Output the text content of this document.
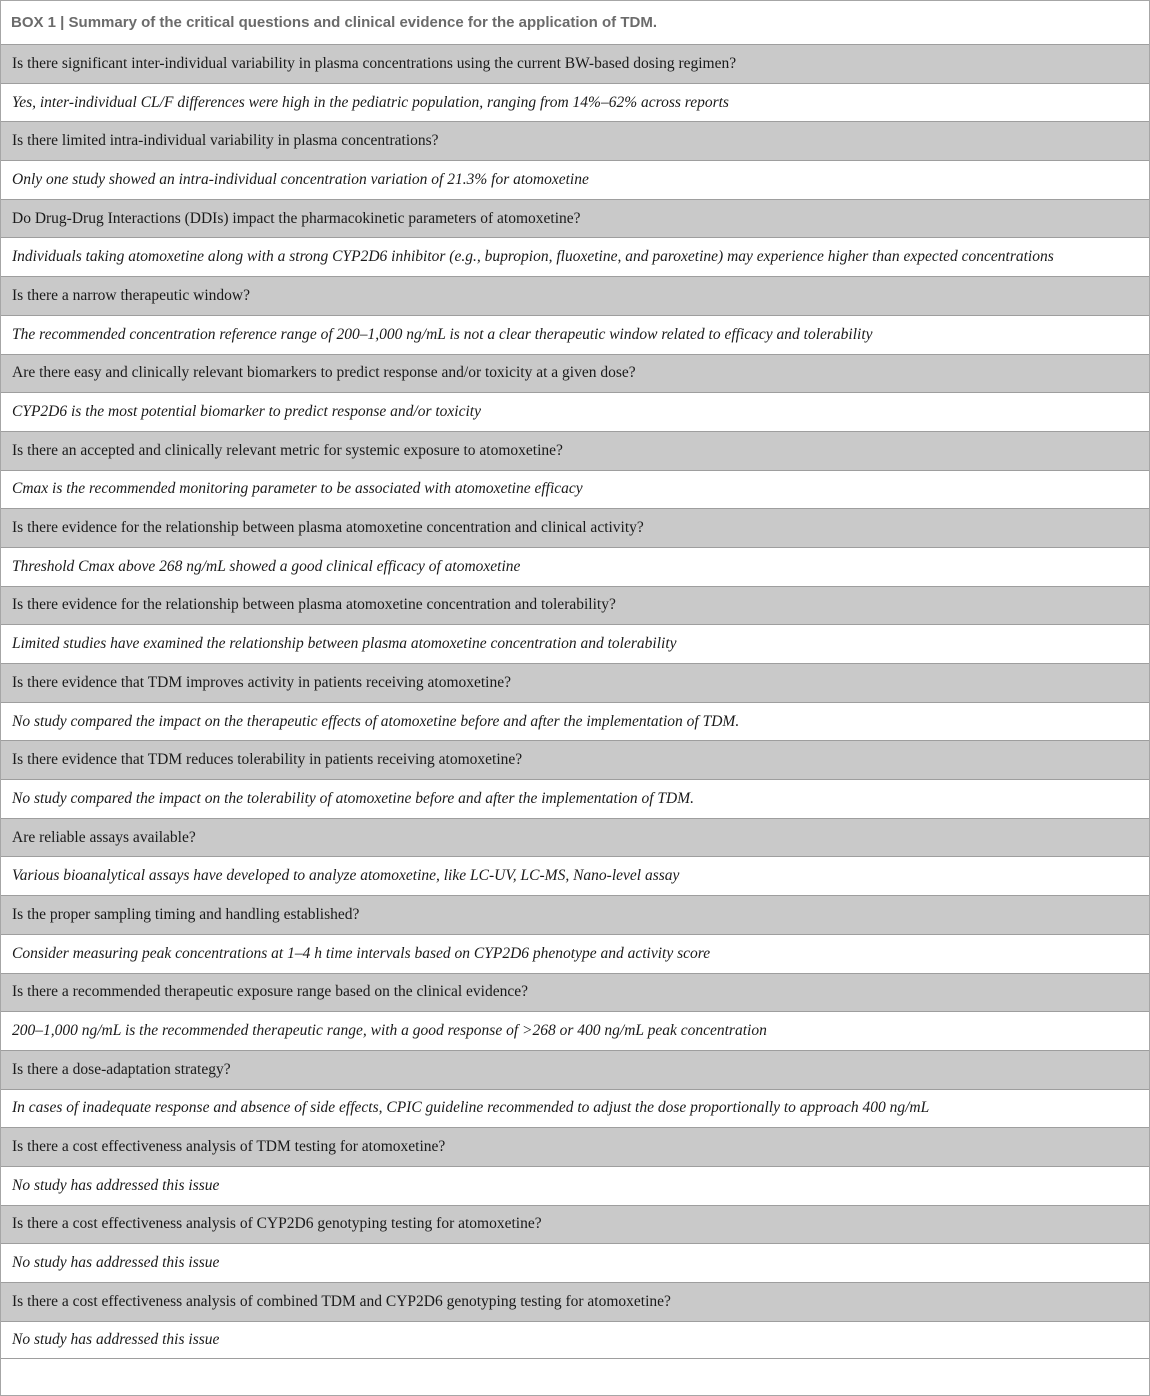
BOX 1 | Summary of the critical questions and clinical evidence for the application of TDM.
Is there significant inter-individual variability in plasma concentrations using the current BW-based dosing regimen?
Yes, inter-individual CL/F differences were high in the pediatric population, ranging from 14%–62% across reports
Is there limited intra-individual variability in plasma concentrations?
Only one study showed an intra-individual concentration variation of 21.3% for atomoxetine
Do Drug-Drug Interactions (DDIs) impact the pharmacokinetic parameters of atomoxetine?
Individuals taking atomoxetine along with a strong CYP2D6 inhibitor (e.g., bupropion, fluoxetine, and paroxetine) may experience higher than expected concentrations
Is there a narrow therapeutic window?
The recommended concentration reference range of 200–1,000 ng/mL is not a clear therapeutic window related to efficacy and tolerability
Are there easy and clinically relevant biomarkers to predict response and/or toxicity at a given dose?
CYP2D6 is the most potential biomarker to predict response and/or toxicity
Is there an accepted and clinically relevant metric for systemic exposure to atomoxetine?
Cmax is the recommended monitoring parameter to be associated with atomoxetine efficacy
Is there evidence for the relationship between plasma atomoxetine concentration and clinical activity?
Threshold Cmax above 268 ng/mL showed a good clinical efficacy of atomoxetine
Is there evidence for the relationship between plasma atomoxetine concentration and tolerability?
Limited studies have examined the relationship between plasma atomoxetine concentration and tolerability
Is there evidence that TDM improves activity in patients receiving atomoxetine?
No study compared the impact on the therapeutic effects of atomoxetine before and after the implementation of TDM.
Is there evidence that TDM reduces tolerability in patients receiving atomoxetine?
No study compared the impact on the tolerability of atomoxetine before and after the implementation of TDM.
Are reliable assays available?
Various bioanalytical assays have developed to analyze atomoxetine, like LC-UV, LC-MS, Nano-level assay
Is the proper sampling timing and handling established?
Consider measuring peak concentrations at 1–4 h time intervals based on CYP2D6 phenotype and activity score
Is there a recommended therapeutic exposure range based on the clinical evidence?
200–1,000 ng/mL is the recommended therapeutic range, with a good response of >268 or 400 ng/mL peak concentration
Is there a dose-adaptation strategy?
In cases of inadequate response and absence of side effects, CPIC guideline recommended to adjust the dose proportionally to approach 400 ng/mL
Is there a cost effectiveness analysis of TDM testing for atomoxetine?
No study has addressed this issue
Is there a cost effectiveness analysis of CYP2D6 genotyping testing for atomoxetine?
No study has addressed this issue
Is there a cost effectiveness analysis of combined TDM and CYP2D6 genotyping testing for atomoxetine?
No study has addressed this issue
